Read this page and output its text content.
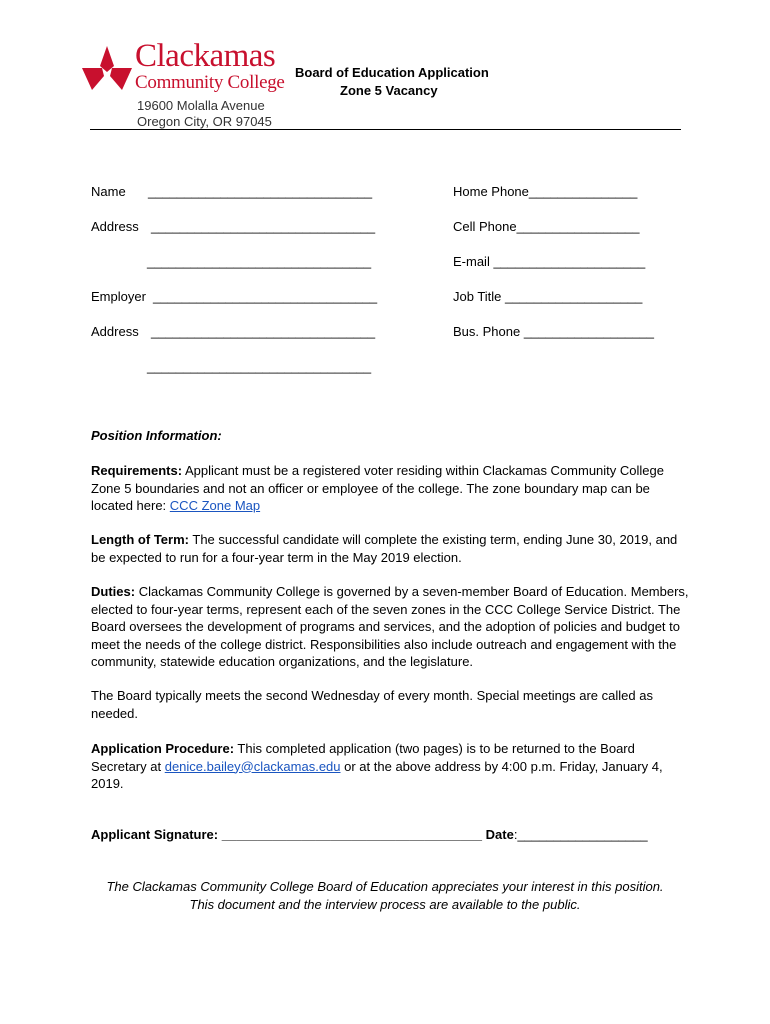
Clackamas
Community College
19600 Molalla Avenue
Oregon City, OR 97045
Board of Education Application
Zone 5 Vacancy
Name _______________________________	Home Phone_______________
Address _______________________________	Cell Phone_________________
_______________________________	E-mail _____________________
Employer _______________________________	Job Title ___________________
Address _______________________________	Bus. Phone __________________
_______________________________
Position Information:
Requirements: Applicant must be a registered voter residing within Clackamas Community College Zone 5 boundaries and not an officer or employee of the college. The zone boundary map can be located here: CCC Zone Map
Length of Term: The successful candidate will complete the existing term, ending June 30, 2019, and be expected to run for a four-year term in the May 2019 election.
Duties: Clackamas Community College is governed by a seven-member Board of Education. Members, elected to four-year terms, represent each of the seven zones in the CCC College Service District. The Board oversees the development of programs and services, and the adoption of policies and budget to meet the needs of the college district. Responsibilities also include outreach and engagement with the community, statewide education organizations, and the legislature.
The Board typically meets the second Wednesday of every month. Special meetings are called as needed.
Application Procedure: This completed application (two pages) is to be returned to the Board Secretary at denice.bailey@clackamas.edu or at the above address by 4:00 p.m. Friday, January 4, 2019.
Applicant Signature: ____________________________________ Date:__________________
The Clackamas Community College Board of Education appreciates your interest in this position.
This document and the interview process are available to the public.
